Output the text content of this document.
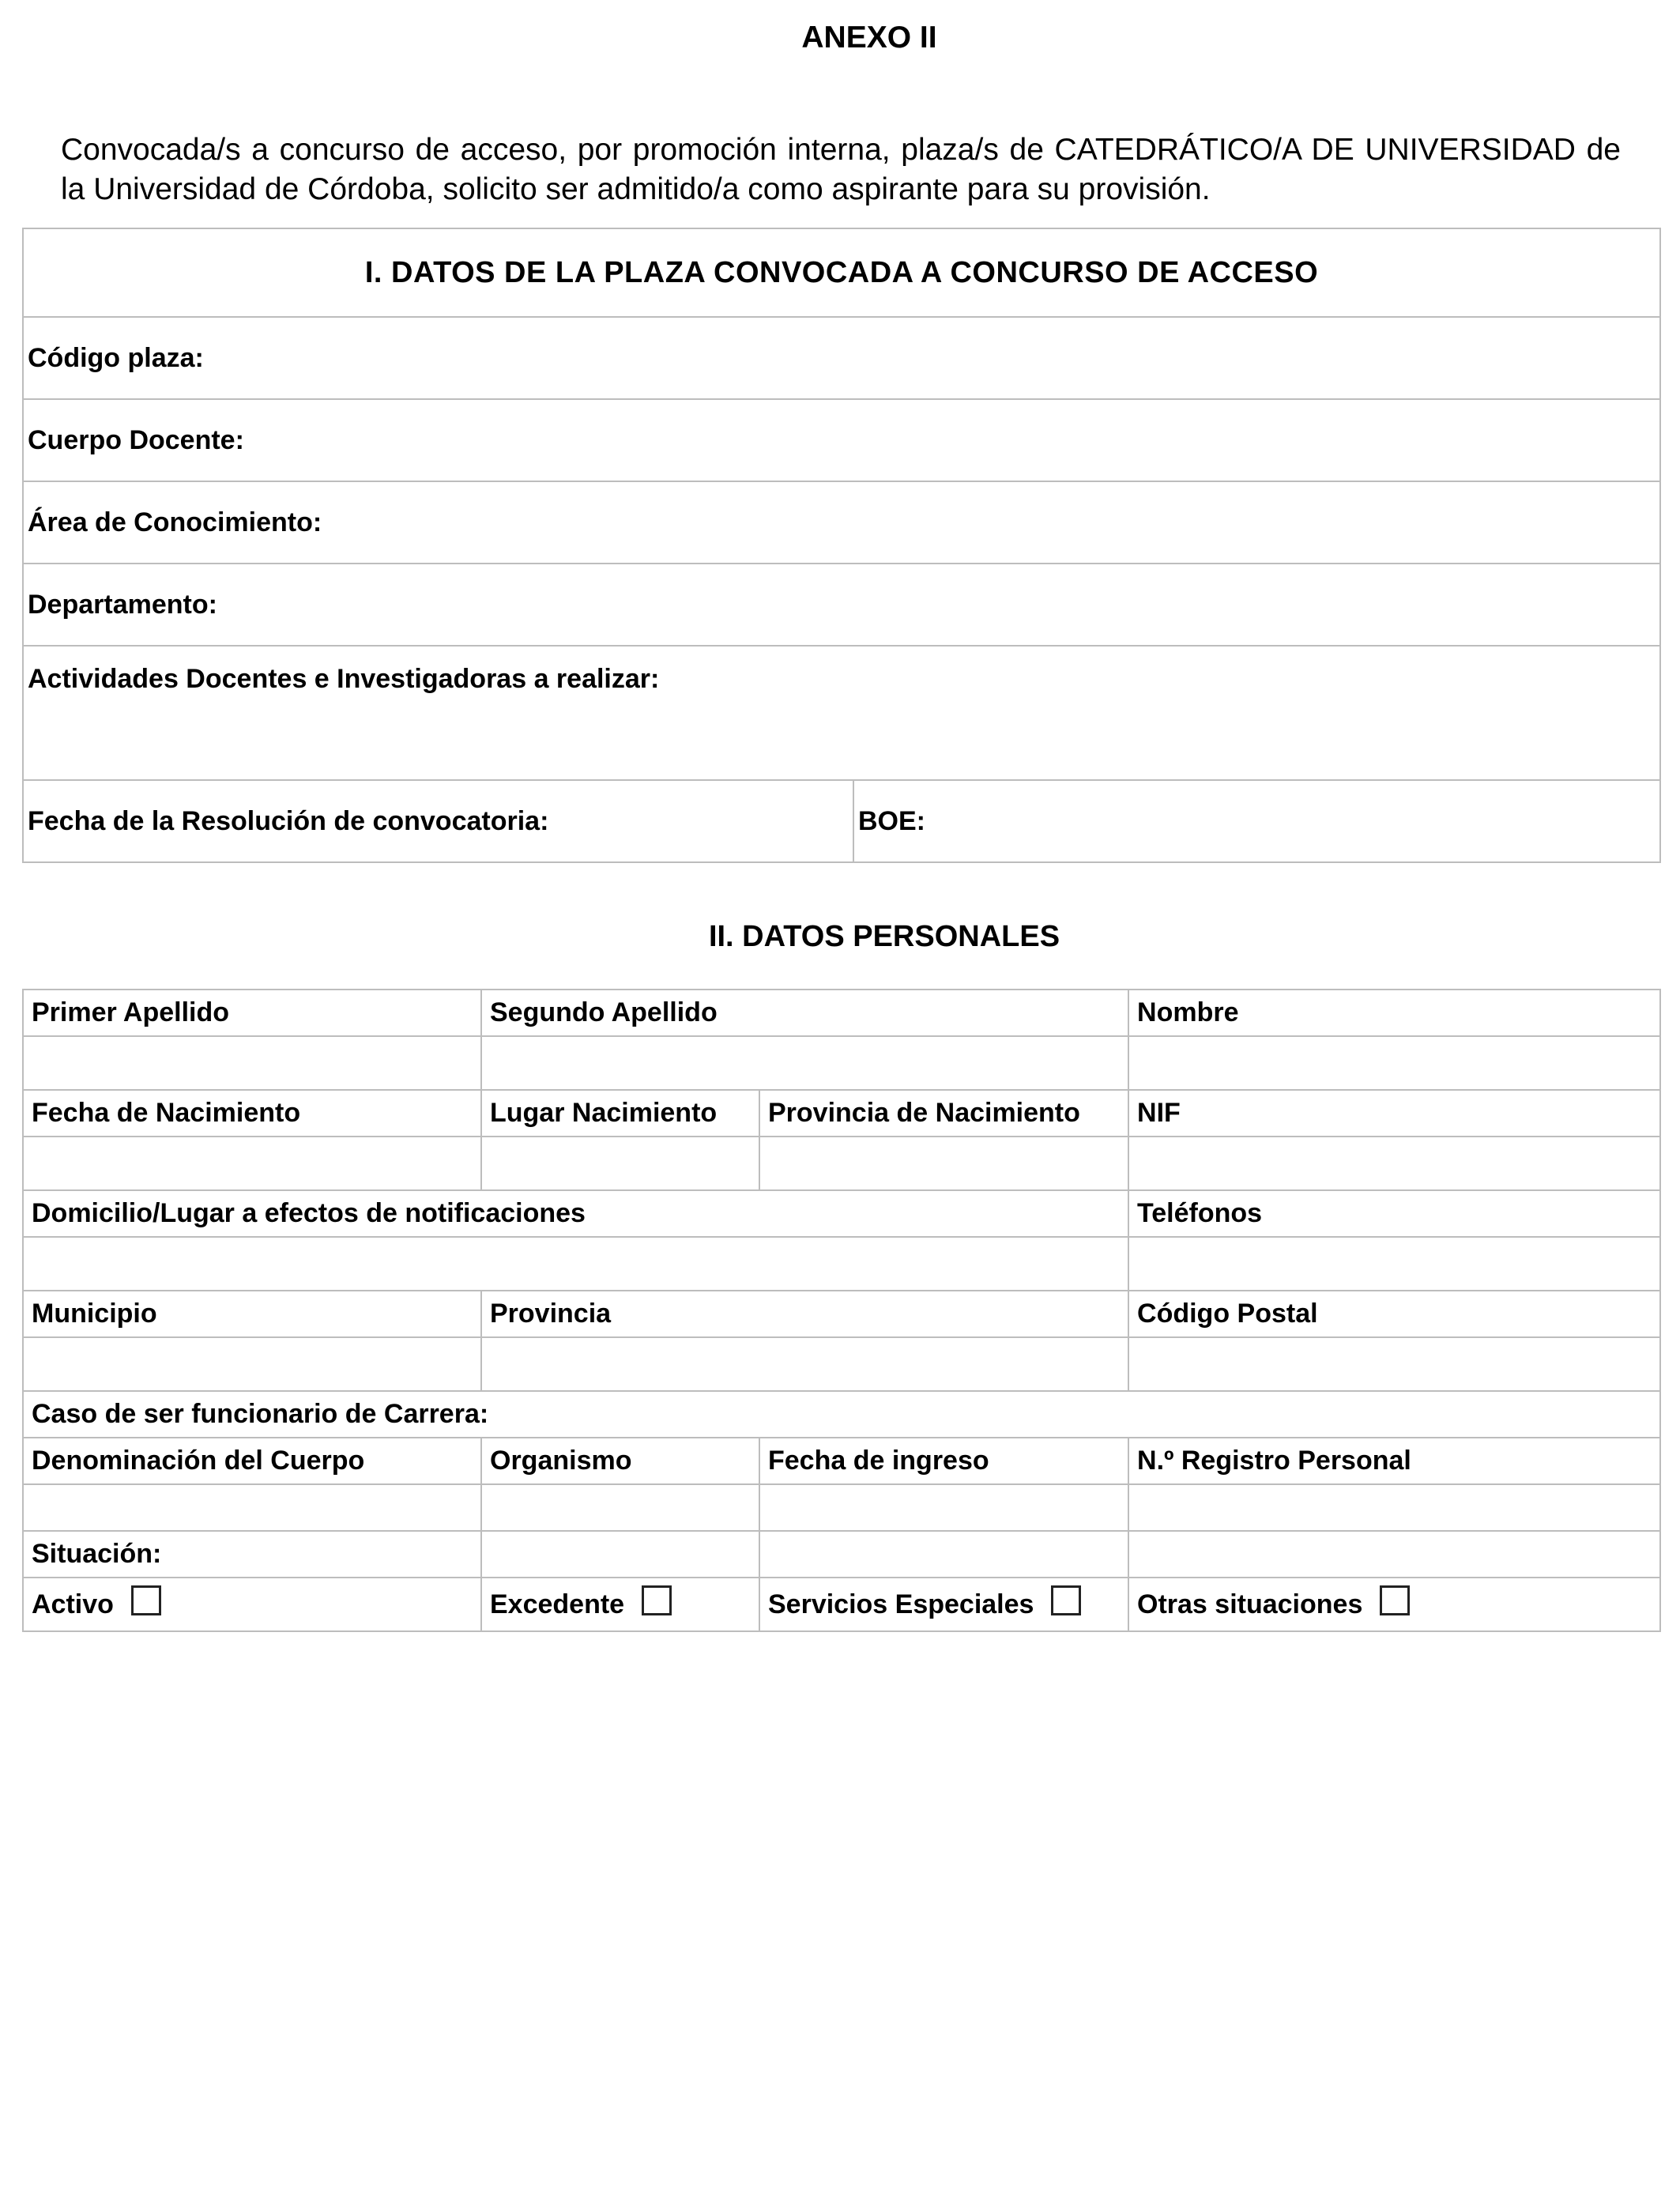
ANEXO II
Convocada/s a concurso de acceso, por promoción interna, plaza/s de CATEDRÁTICO/A DE UNIVERSIDAD de la Universidad de Córdoba, solicito ser admitido/a como aspirante para su provisión.
I. DATOS DE LA PLAZA CONVOCADA A CONCURSO DE ACCESO
Código plaza:
Cuerpo Docente:
Área de Conocimiento:
Departamento:
Actividades Docentes e Investigadoras a realizar:
Fecha de la Resolución de convocatoria:	BOE:
II. DATOS PERSONALES
Primer Apellido	Segundo Apellido		Nombre

Fecha de Nacimiento	Lugar Nacimiento	Provincia de Nacimiento	NIF

Domicilio/Lugar a efectos de notificaciones			Teléfonos

Municipio	Provincia		Código Postal

Caso de ser funcionario de Carrera:			
Denominación del Cuerpo	Organismo	Fecha de ingreso	N.º Registro Personal

Situación:			
Activo	Excedente	Servicios Especiales	Otras situaciones
